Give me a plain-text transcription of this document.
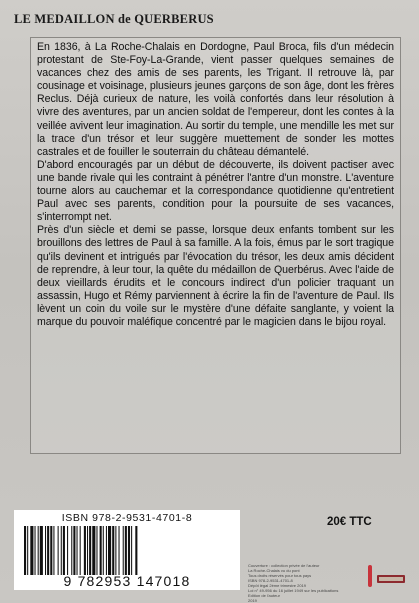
LE MEDAILLON de QUERBERUS

En 1836, à La Roche-Chalais en Dordogne, Paul Broca, fils d'un médecin protestant de Ste-Foy-La-Grande, vient passer quelques semaines de vacances chez des amis de ses parents, les Trigant. Il retrouve là, par cousinage et voisinage, plusieurs jeunes garçons de son âge, dont les frères Reclus. Déjà curieux de nature, les voilà confortés dans leur résolution à vivre des aventures, par un ancien soldat de l'empereur, dont les contes à la veillée avivent leur imagination. Au sortir du temple, une mendille les met sur la trace d'un trésor et leur suggère muettement de sonder les mottes castrales et de fouiller le souterrain du château démantelé.

D'abord encouragés par un début de découverte, ils doivent pactiser avec une bande rivale qui les contraint à pénétrer l'antre d'un monstre. L'aventure tourne alors au cauchemar et la correspondance quotidienne qu'entretient Paul avec ses parents, condition pour la poursuite de ses vacances, s'interrompt net.

Près d'un siècle et demi se passe, lorsque deux enfants tombent sur les brouillons des lettres de Paul à sa famille. A la fois, émus par le sort tragique qu'ils devinent et intrigués par l'évocation du trésor, les deux amis décident de reprendre, à leur tour, la quête du médaillon de Querbérus. Avec l'aide de deux vieillards érudits et le concours indirect d'un policier traquant un assassin, Hugo et Rémy parviennent à écrire la fin de l'aventure de Paul. Ils lèvent un coin du voile sur le mystère d'une défaite sanglante, y voient la marque du pouvoir maléfique concentré par le magicien dans le bijou royal.

ISBN 978-2-9531-4701-8
9 782953 147018
20€ TTC
Couverture : collection privée de l'auteur
La Roche-Chalais vu du pont
Tous droits réservés pour tous pays
ISBN 978-2-9531-4701-8
Dépôt légal 2ème trimestre 2019
Loi n° 49-956 du 16 juillet 1949 sur les publications
Edition de l'auteur
2019
